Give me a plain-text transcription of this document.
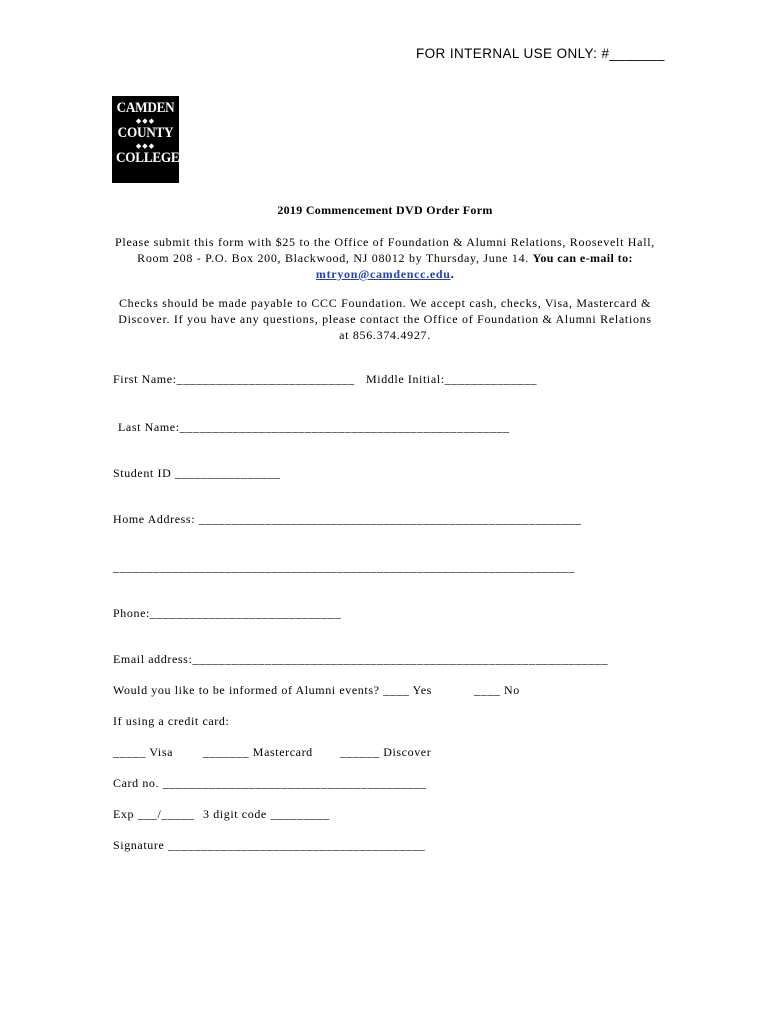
FOR INTERNAL USE ONLY: #_______
CAMDEN
◆◆◆
COUNTY
◆◆◆
COLLEGE
2019 Commencement DVD Order Form
Please submit this form with $25 to the Office of Foundation & Alumni Relations, Roosevelt Hall, Room 208 - P.O. Box 200, Blackwood, NJ 08012 by Thursday, June 14. You can e-mail to: mtryon@camdencc.edu.
Checks should be made payable to CCC Foundation. We accept cash, checks, Visa, Mastercard & Discover. If you have any questions, please contact the Office of Foundation & Alumni Relations at 856.374.4927.
First Name:___________________________ Middle Initial:______________
Last Name:__________________________________________________
Student ID ________________
Home Address: __________________________________________________________
______________________________________________________________________
Phone:_____________________________
Email address:_______________________________________________________________
Would you like to be informed of Alumni events? ____ Yes	____ No
If using a credit card:
_____ Visa _______ Mastercard ______ Discover
Card no. ________________________________________
Exp ___/_____ 3 digit code _________
Signature _______________________________________
